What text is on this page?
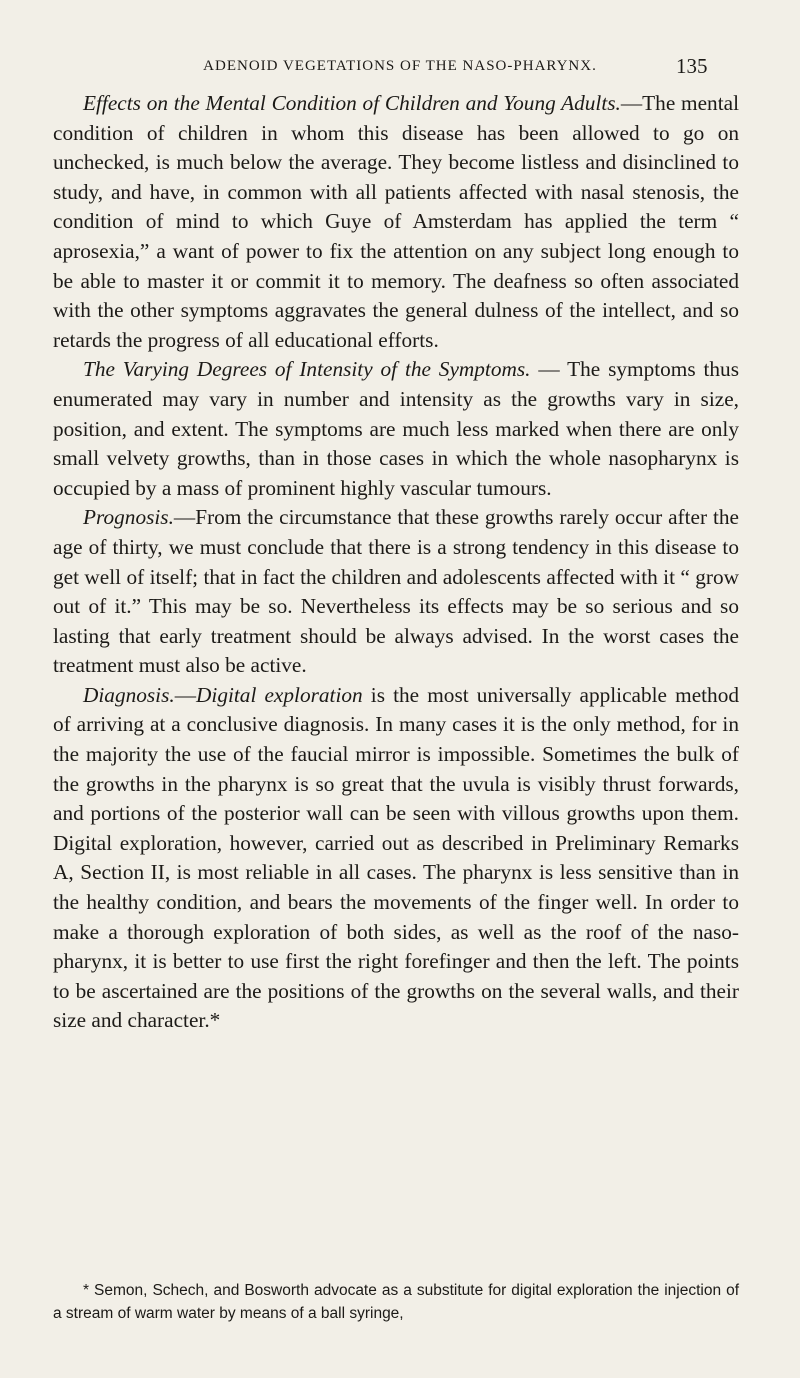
ADENOID VEGETATIONS OF THE NASO-PHARYNX.	135

Effects on the Mental Condition of Children and Young Adults.—The mental condition of children in whom this disease has been allowed to go on unchecked, is much below the average. They become listless and disinclined to study, and have, in common with all patients affected with nasal stenosis, the condition of mind to which Guye of Amsterdam has applied the term “ aprosexia,” a want of power to fix the attention on any subject long enough to be able to master it or commit it to memory. The deafness so often associated with the other symptoms aggravates the general dulness of the intellect, and so retards the progress of all educational efforts.

The Varying Degrees of Intensity of the Symptoms. — The symptoms thus enumerated may vary in number and intensity as the growths vary in size, position, and extent. The symptoms are much less marked when there are only small velvety growths, than in those cases in which the whole nasopharynx is occupied by a mass of prominent highly vascular tumours.

Prognosis.—From the circumstance that these growths rarely occur after the age of thirty, we must conclude that there is a strong tendency in this disease to get well of itself; that in fact the children and adolescents affected with it “ grow out of it.” This may be so. Nevertheless its effects may be so serious and so lasting that early treatment should be always advised. In the worst cases the treatment must also be active.

Diagnosis.—Digital exploration is the most universally applicable method of arriving at a conclusive diagnosis. In many cases it is the only method, for in the majority the use of the faucial mirror is impossible. Sometimes the bulk of the growths in the pharynx is so great that the uvula is visibly thrust forwards, and portions of the posterior wall can be seen with villous growths upon them. Digital exploration, however, carried out as described in Preliminary Remarks A, Section II, is most reliable in all cases. The pharynx is less sensitive than in the healthy condition, and bears the movements of the finger well. In order to make a thorough exploration of both sides, as well as the roof of the naso-pharynx, it is better to use first the right forefinger and then the left. The points to be ascertained are the positions of the growths on the several walls, and their size and character.*

* Semon, Schech, and Bosworth advocate as a substitute for digital exploration the injection of a stream of warm water by means of a ball syringe,
